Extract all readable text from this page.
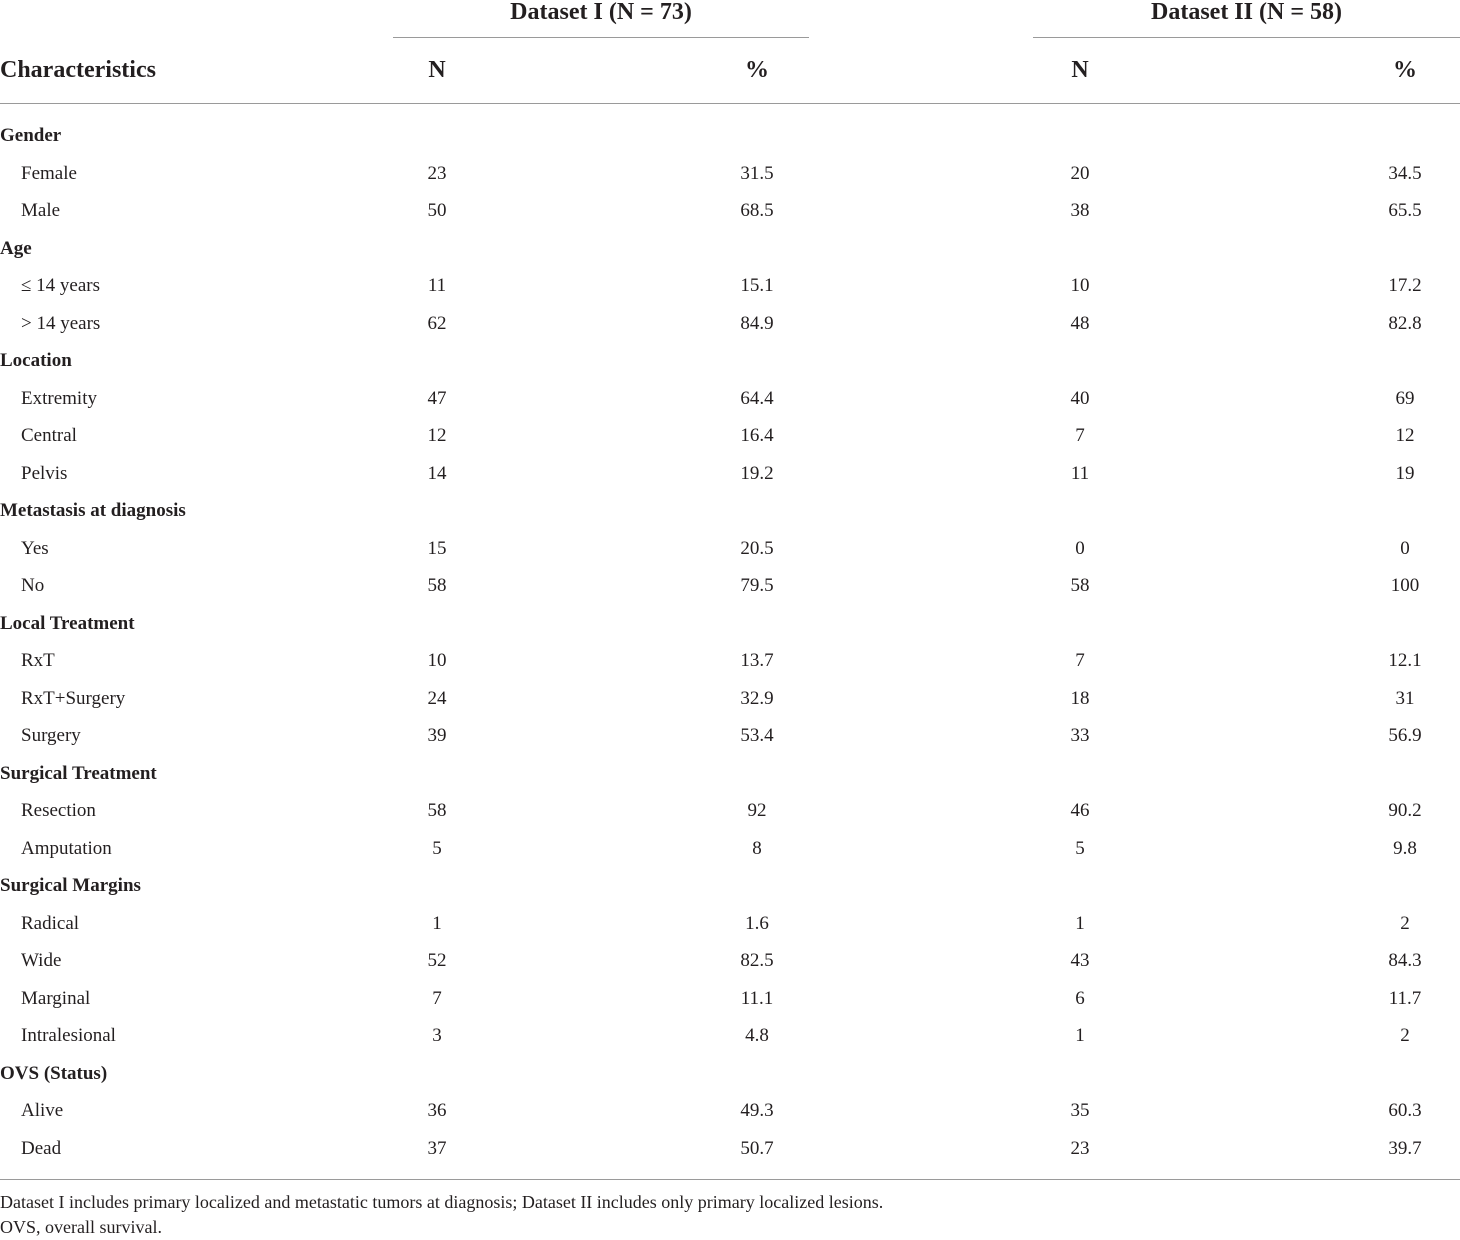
Dataset I (N = 73)	Dataset II (N = 58)
Characteristics	N	%	N	%
Gender
Female	23	31.5	20	34.5
Male	50	68.5	38	65.5
Age
≤ 14 years	11	15.1	10	17.2
> 14 years	62	84.9	48	82.8
Location
Extremity	47	64.4	40	69
Central	12	16.4	7	12
Pelvis	14	19.2	11	19
Metastasis at diagnosis
Yes	15	20.5	0	0
No	58	79.5	58	100
Local Treatment
RxT	10	13.7	7	12.1
RxT+Surgery	24	32.9	18	31
Surgery	39	53.4	33	56.9
Surgical Treatment
Resection	58	92	46	90.2
Amputation	5	8	5	9.8
Surgical Margins
Radical	1	1.6	1	2
Wide	52	82.5	43	84.3
Marginal	7	11.1	6	11.7
Intralesional	3	4.8	1	2
OVS (Status)
Alive	36	49.3	35	60.3
Dead	37	50.7	23	39.7
Dataset I includes primary localized and metastatic tumors at diagnosis; Dataset II includes only primary localized lesions.
OVS, overall survival.
